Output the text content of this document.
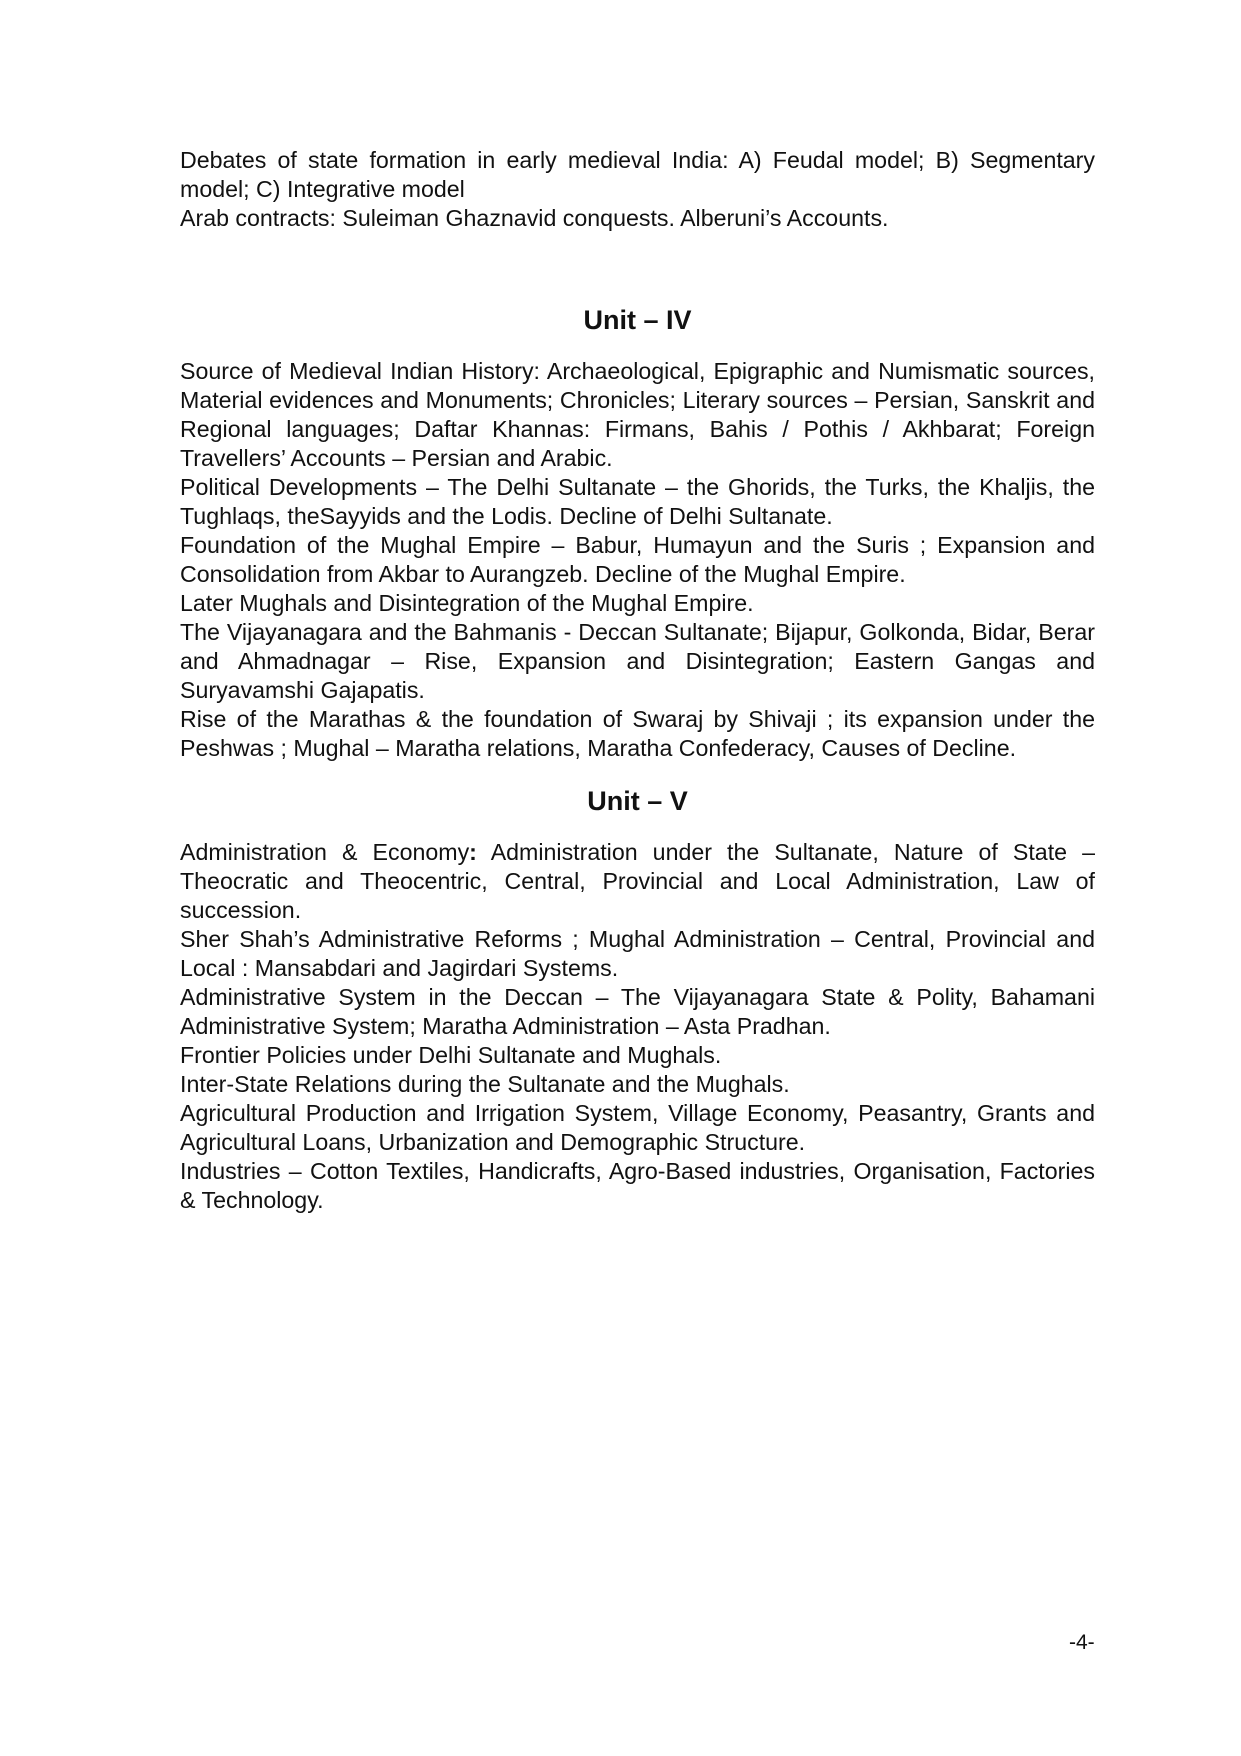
Debates of state formation in early medieval India: A) Feudal model; B) Segmentary model; C) Integrative model

Arab contracts: Suleiman Ghaznavid conquests. Alberuni’s Accounts.

Unit – IV

Source of Medieval Indian History: Archaeological, Epigraphic and Numismatic sources, Material evidences and Monuments; Chronicles; Literary sources – Persian, Sanskrit and Regional languages; Daftar Khannas: Firmans, Bahis / Pothis / Akhbarat; Foreign Travellers’ Accounts – Persian and Arabic.

Political Developments – The Delhi Sultanate – the Ghorids, the Turks, the Khaljis, the Tughlaqs, theSayyids and the Lodis. Decline of Delhi Sultanate.

Foundation of the Mughal Empire – Babur, Humayun and the Suris ; Expansion and Consolidation from Akbar to Aurangzeb. Decline of the Mughal Empire.

Later Mughals and Disintegration of the Mughal Empire.

The Vijayanagara and the Bahmanis - Deccan Sultanate; Bijapur, Golkonda, Bidar, Berar and Ahmadnagar – Rise, Expansion and Disintegration; Eastern Gangas and Suryavamshi Gajapatis.

Rise of the Marathas & the foundation of Swaraj by Shivaji ; its expansion under the Peshwas ; Mughal – Maratha relations, Maratha Confederacy, Causes of Decline.

Unit – V

Administration & Economy: Administration under the Sultanate, Nature of State – Theocratic and Theocentric, Central, Provincial and Local Administration, Law of succession.

Sher Shah’s Administrative Reforms ; Mughal Administration – Central, Provincial and Local : Mansabdari and Jagirdari Systems.

Administrative System in the Deccan – The Vijayanagara State & Polity, Bahamani Administrative System; Maratha Administration – Asta Pradhan.

Frontier Policies under Delhi Sultanate and Mughals.

Inter-State Relations during the Sultanate and the Mughals.

Agricultural Production and Irrigation System, Village Economy, Peasantry, Grants and Agricultural Loans, Urbanization and Demographic Structure.

Industries – Cotton Textiles, Handicrafts, Agro-Based industries, Organisation, Factories & Technology.

-4-
